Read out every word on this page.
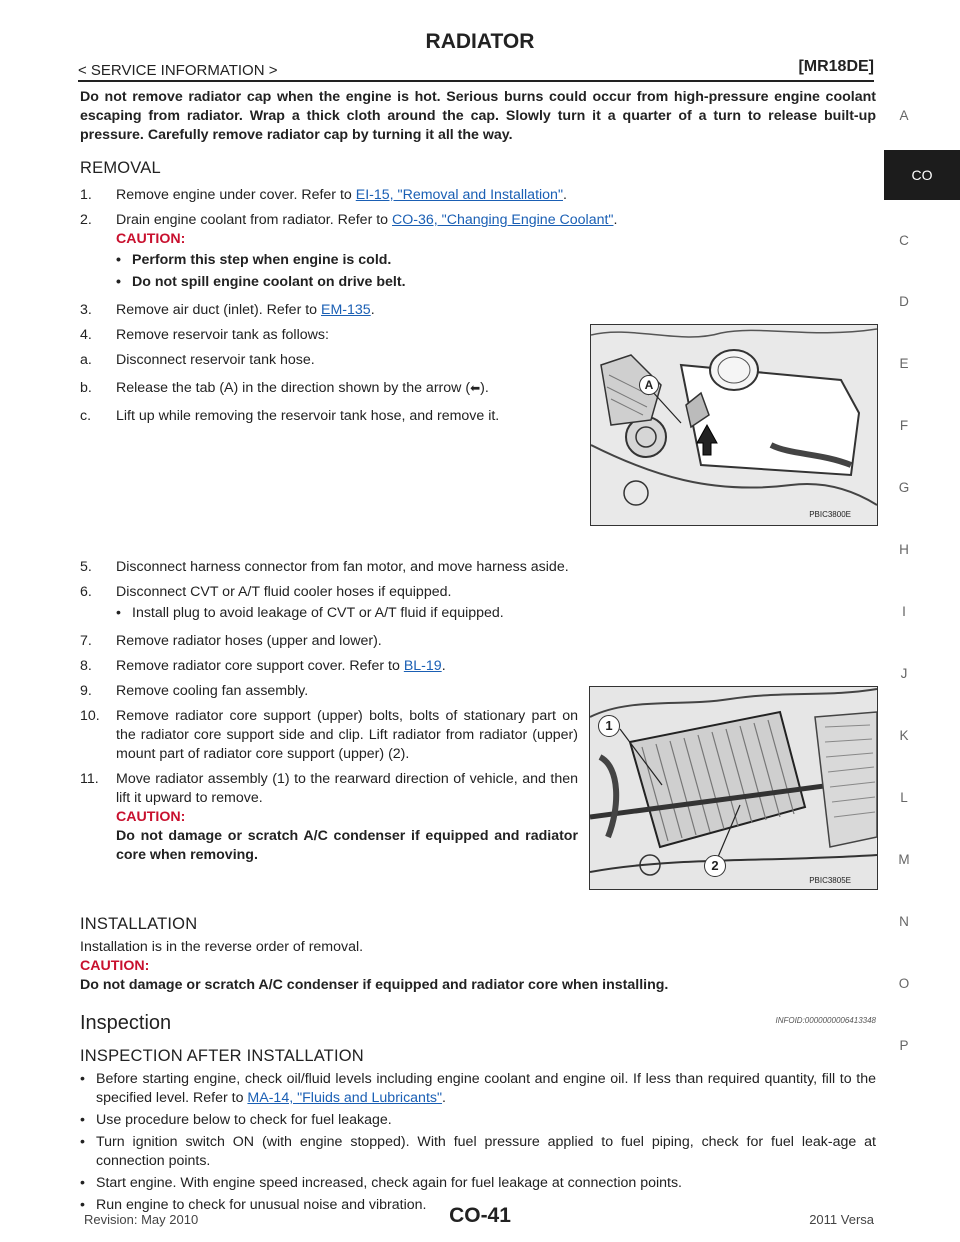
RADIATOR
< SERVICE INFORMATION >	[MR18DE]
CO
A
C
D
E
F
G
H
I
J
K
L
M
N
O
P
A
PBIC3800E
1
2
PBIC3805E
Do not remove radiator cap when the engine is hot. Serious burns could occur from high-pressure engine coolant escaping from radiator. Wrap a thick cloth around the cap. Slowly turn it a quarter of a turn to release built-up pressure. Carefully remove radiator cap by turning it all the way.
REMOVAL
1.	Remove engine under cover. Refer to EI-15, "Removal and Installation".
2.	Drain engine coolant from radiator. Refer to CO-36, "Changing Engine Coolant".
CAUTION:
• Perform this step when engine is cold.
• Do not spill engine coolant on drive belt.
3.	Remove air duct (inlet). Refer to EM-135.
4.	Remove reservoir tank as follows:
a.	Disconnect reservoir tank hose.
b.	Release the tab (A) in the direction shown by the arrow (⬅).
c.	Lift up while removing the reservoir tank hose, and remove it.
5.	Disconnect harness connector from fan motor, and move harness aside.
6.	Disconnect CVT or A/T fluid cooler hoses if equipped.
• Install plug to avoid leakage of CVT or A/T fluid if equipped.
7.	Remove radiator hoses (upper and lower).
8.	Remove radiator core support cover. Refer to BL-19.
9.	Remove cooling fan assembly.
10.	Remove radiator core support (upper) bolts, bolts of stationary part on the radiator core support side and clip. Lift radiator from radiator (upper) mount part of radiator core support (upper) (2).
11.	Move radiator assembly (1) to the rearward direction of vehicle, and then lift it upward to remove.
CAUTION:
Do not damage or scratch A/C condenser if equipped and radiator core when removing.
INSTALLATION
Installation is in the reverse order of removal.
CAUTION:
Do not damage or scratch A/C condenser if equipped and radiator core when installing.
Inspection	INFOID:0000000006413348
INSPECTION AFTER INSTALLATION
• Before starting engine, check oil/fluid levels including engine coolant and engine oil. If less than required quantity, fill to the specified level. Refer to MA-14, "Fluids and Lubricants".
• Use procedure below to check for fuel leakage.
• Turn ignition switch ON (with engine stopped). With fuel pressure applied to fuel piping, check for fuel leak-age at connection points.
• Start engine. With engine speed increased, check again for fuel leakage at connection points.
• Run engine to check for unusual noise and vibration.
Revision: May 2010	CO-41	2011 Versa
